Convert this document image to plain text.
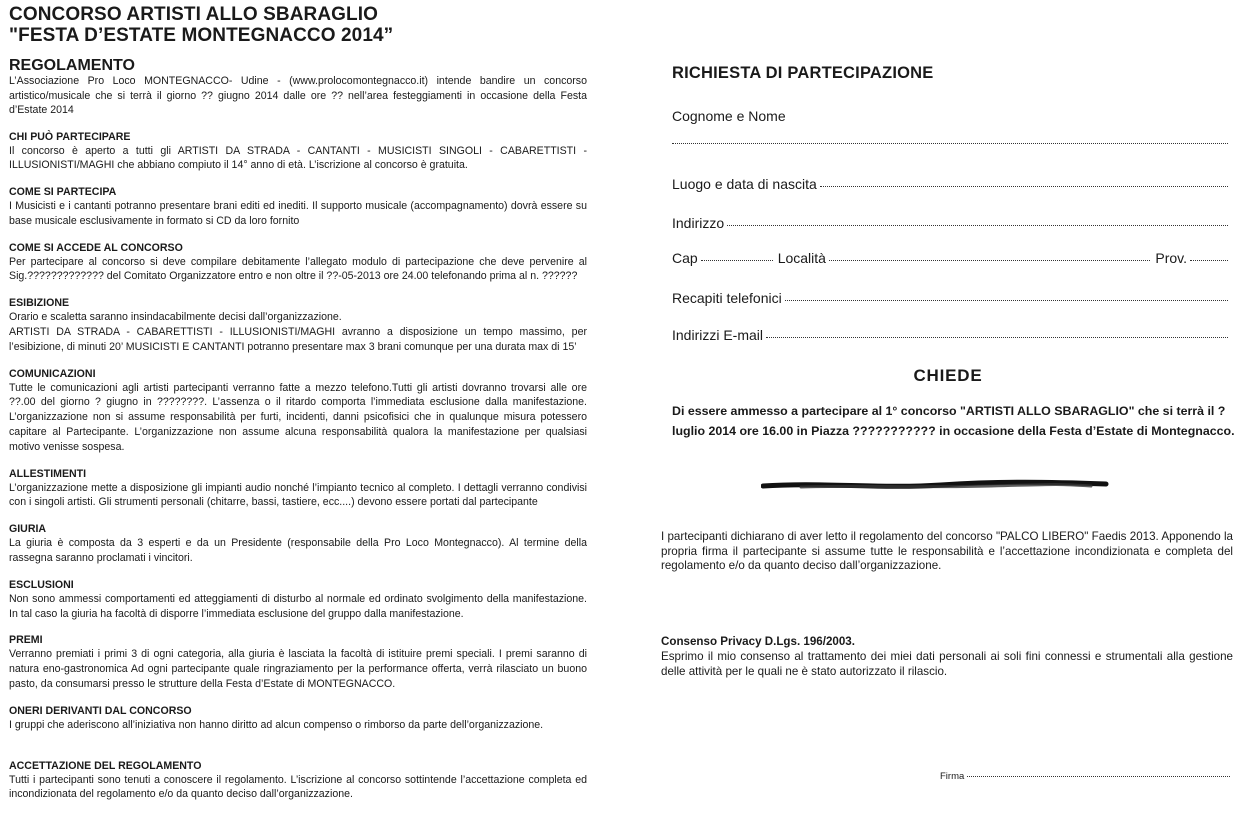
CONCORSO ARTISTI ALLO SBARAGLIO
"FESTA D’ESTATE MONTEGNACCO 2014”
REGOLAMENTO
L’Associazione Pro Loco MONTEGNACCO- Udine - (www.prolocomontegnacco.it) intende bandire un concorso artistico/musicale che si terrà il giorno ?? giugno 2014 dalle ore ?? nell’area festeggiamenti in occasione della Festa d’Estate 2014
CHI PUÒ PARTECIPARE
Il concorso è aperto a tutti gli ARTISTI DA STRADA - CANTANTI - MUSICISTI SINGOLI - CABARETTISTI - ILLUSIONISTI/MAGHI che abbiano compiuto il 14° anno di età. L’iscrizione al concorso è gratuita.
COME SI PARTECIPA
I Musicisti e i cantanti potranno presentare brani editi ed inediti. Il supporto musicale (accompagnamento) dovrà essere su base musicale esclusivamente in formato si CD da loro fornito
COME SI ACCEDE AL CONCORSO
Per partecipare al concorso si deve compilare debitamente l’allegato modulo di partecipazione che deve pervenire al Sig.????????????? del Comitato Organizzatore entro e non oltre il ??-05-2013 ore 24.00 telefonando prima al n. ??????
ESIBIZIONE
Orario e scaletta saranno insindacabilmente decisi dall’organizzazione.
ARTISTI DA STRADA - CABARETTISTI - ILLUSIONISTI/MAGHI avranno a disposizione un tempo massimo, per l’esibizione, di minuti 20’ MUSICISTI E CANTANTI potranno presentare max 3 brani comunque per una durata max di 15’
COMUNICAZIONI
Tutte le comunicazioni agli artisti partecipanti verranno fatte a mezzo telefono.Tutti gli artisti dovranno trovarsi alle ore ??.00 del giorno ? giugno in ????????. L’assenza o il ritardo comporta l’immediata esclusione dalla manifestazione. L’organizzazione non si assume responsabilità per furti, incidenti, danni psicofisici che in qualunque misura potessero capitare al Partecipante. L’organizzazione non assume alcuna responsabilità qualora la manifestazione per qualsiasi motivo venisse sospesa.
ALLESTIMENTI
L’organizzazione mette a disposizione gli impianti audio nonché l’impianto tecnico al completo. I dettagli verranno condivisi con i singoli artisti. Gli strumenti personali (chitarre, bassi, tastiere, ecc....) devono essere portati dal partecipante
GIURIA
La giuria è composta da 3 esperti e da un Presidente (responsabile della Pro Loco Montegnacco). Al termine della rassegna saranno proclamati i vincitori.
ESCLUSIONI
Non sono ammessi comportamenti ed atteggiamenti di disturbo al normale ed ordinato svolgimento della manifestazione. In tal caso la giuria ha facoltà di disporre l’immediata esclusione del gruppo dalla manifestazione.
PREMI
Verranno premiati i primi 3 di ogni categoria, alla giuria è lasciata la facoltà di istituire premi speciali. I premi saranno di natura eno-gastronomica Ad ogni partecipante quale ringraziamento per la performance offerta, verrà rilasciato un buono pasto, da consumarsi presso le strutture della Festa d’Estate di MONTEGNACCO.
ONERI DERIVANTI DAL CONCORSO
I gruppi che aderiscono all’iniziativa non hanno diritto ad alcun compenso o rimborso da parte dell’organizzazione.
ACCETTAZIONE DEL REGOLAMENTO
Tutti i partecipanti sono tenuti a conoscere il regolamento. L’iscrizione al concorso sottintende l’accettazione completa ed incondizionata del regolamento e/o da quanto deciso dall’organizzazione.
RICHIESTA DI PARTECIPAZIONE
Cognome e Nome
Luogo e data di nascita
Indirizzo
Cap	Località	Prov.
Recapiti telefonici
Indirizzi E-mail
CHIEDE
Di essere ammesso a partecipare al 1° concorso "ARTISTI ALLO SBARAGLIO" che si terrà il ?
luglio 2014 ore 16.00 in Piazza ??????????? in occasione della Festa d’Estate di Montegnacco.
I partecipanti dichiarano di aver letto il regolamento del concorso "PALCO LIBERO" Faedis 2013. Apponendo la propria firma il partecipante si assume tutte le responsabilità e l’accettazione incondizionata e completa del regolamento e/o da quanto deciso dall’organizzazione.
Consenso Privacy D.Lgs. 196/2003.
Esprimo il mio consenso al trattamento dei miei dati personali ai soli fini connessi e strumentali alla gestione delle attività per le quali ne è stato autorizzato il rilascio.
Firma
